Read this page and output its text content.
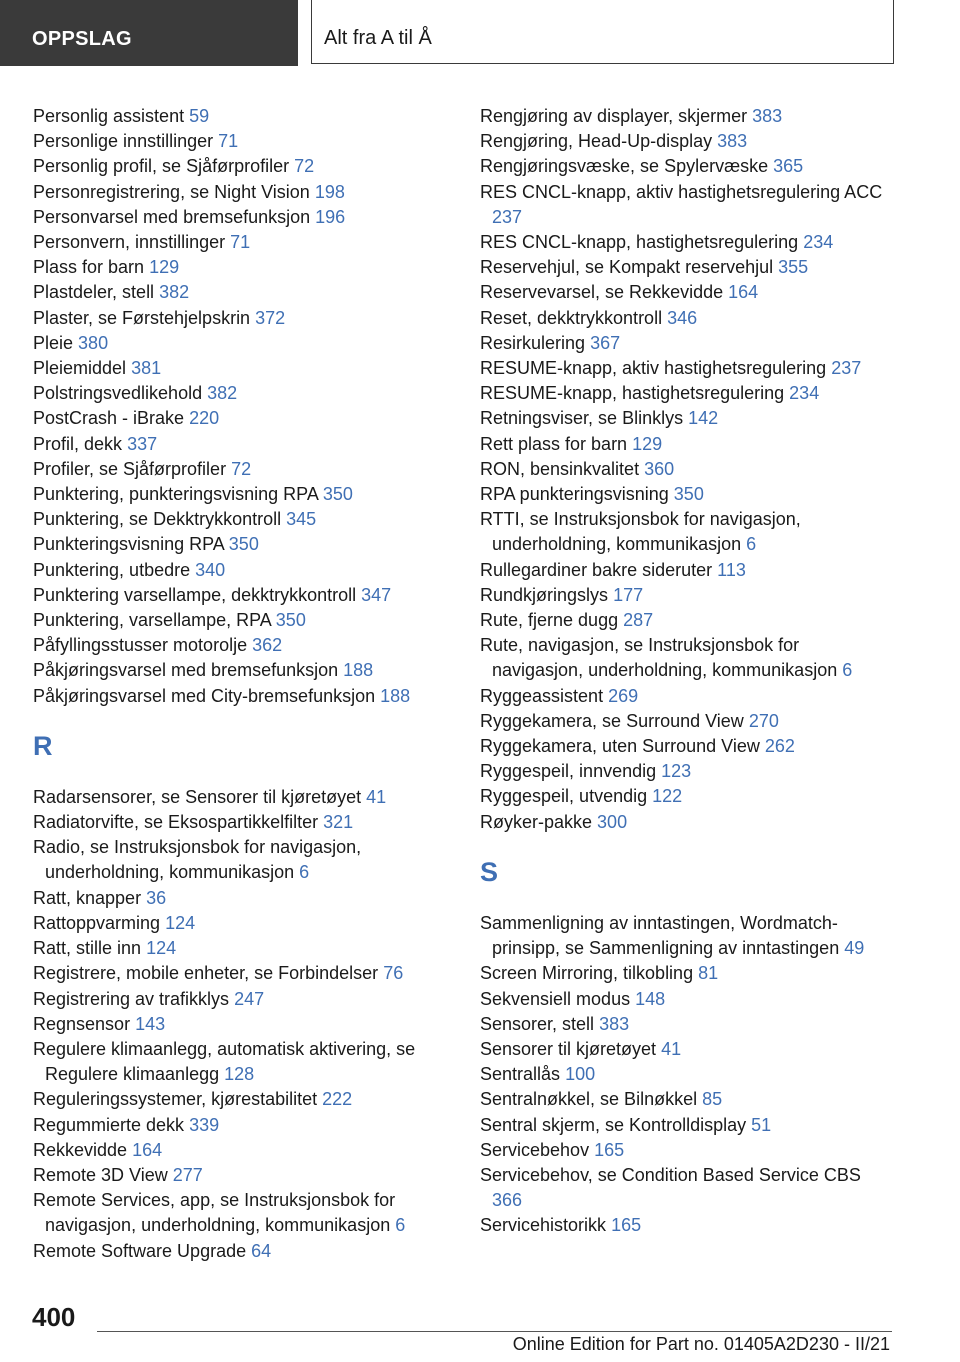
OPPSLAG	Alt fra A til Å
Personlig assistent 59
Personlige innstillinger 71
Personlig profil, se Sjåførprofiler 72
Personregistrering, se Night Vision 198
Personvarsel med bremsefunksjon 196
Personvern, innstillinger 71
Plass for barn 129
Plastdeler, stell 382
Plaster, se Førstehjelpskrin 372
Pleie 380
Pleiemiddel 381
Polstringsvedlikehold 382
PostCrash - iBrake 220
Profil, dekk 337
Profiler, se Sjåførprofiler 72
Punktering, punkteringsvisning RPA 350
Punktering, se Dekktrykkontroll 345
Punkteringsvisning RPA 350
Punktering, utbedre 340
Punktering varsellampe, dekktrykkontroll 347
Punktering, varsellampe, RPA 350
Påfyllingsstusser motorolje 362
Påkjøringsvarsel med bremsefunksjon 188
Påkjøringsvarsel med City-bremsefunksjon 188
R
Radarsensorer, se Sensorer til kjøretøyet 41
Radiatorvifte, se Eksospartikkelfilter 321
Radio, se Instruksjonsbok for navigasjon, underholdning, kommunikasjon 6
Ratt, knapper 36
Rattoppvarming 124
Ratt, stille inn 124
Registrere, mobile enheter, se Forbindelser 76
Registrering av trafikklys 247
Regnsensor 143
Regulere klimaanlegg, automatisk aktivering, se Regulere klimaanlegg 128
Reguleringssystemer, kjørestabilitet 222
Regummierte dekk 339
Rekkevidde 164
Remote 3D View 277
Remote Services, app, se Instruksjonsbok for navigasjon, underholdning, kommunikasjon 6
Remote Software Upgrade 64
Rengjøring av displayer, skjermer 383
Rengjøring, Head-Up-display 383
Rengjøringsvæske, se Spylervæske 365
RES CNCL-knapp, aktiv hastighetsregulering ACC 237
RES CNCL-knapp, hastighetsregulering 234
Reservehjul, se Kompakt reservehjul 355
Reservevarsel, se Rekkevidde 164
Reset, dekktrykkontroll 346
Resirkulering 367
RESUME-knapp, aktiv hastighetsregulering 237
RESUME-knapp, hastighetsregulering 234
Retningsviser, se Blinklys 142
Rett plass for barn 129
RON, bensinkvalitet 360
RPA punkteringsvisning 350
RTTI, se Instruksjonsbok for navigasjon, underholdning, kommunikasjon 6
Rullegardiner bakre sideruter 113
Rundkjøringslys 177
Rute, fjerne dugg 287
Rute, navigasjon, se Instruksjonsbok for navigasjon, underholdning, kommunikasjon 6
Ryggeassistent 269
Ryggekamera, se Surround View 270
Ryggekamera, uten Surround View 262
Ryggespeil, innvendig 123
Ryggespeil, utvendig 122
Røyker-pakke 300
S
Sammenligning av inntastingen, Wordmatch-prinsipp, se Sammenligning av inntastingen 49
Screen Mirroring, tilkobling 81
Sekvensiell modus 148
Sensorer, stell 383
Sensorer til kjøretøyet 41
Sentrallås 100
Sentralnøkkel, se Bilnøkkel 85
Sentral skjerm, se Kontrolldisplay 51
Servicebehov 165
Servicebehov, se Condition Based Service CBS 366
Servicehistorikk 165
400
Online Edition for Part no. 01405A2D230 - II/21
